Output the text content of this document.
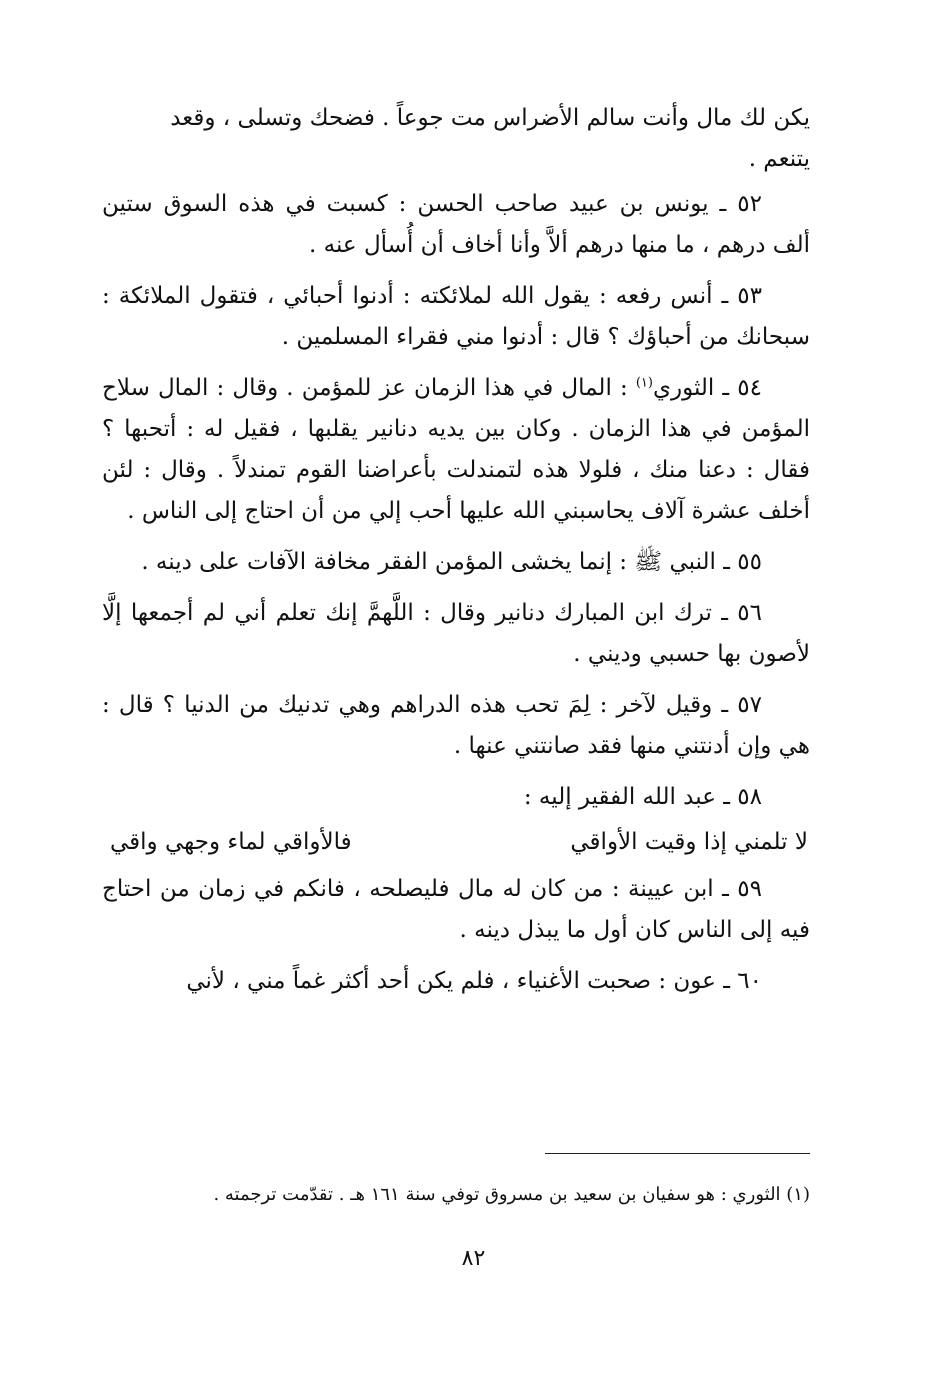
يكن لك مال وأنت سالم الأضراس مت جوعاً . فضحك وتسلى ، وقعد
يتنعم .

٥٢ ـ يونس بن عبيد صاحب الحسن : كسبت في هذه السوق ستين ألف درهم ، ما منها درهم ألاَّ وأنا أخاف أن أُسأل عنه .

٥٣ ـ أنس رفعه : يقول الله لملائكته : أدنوا أحبائي ، فتقول الملائكة : سبحانك من أحباؤك ؟ قال : أدنوا مني فقراء المسلمين .

٥٤ ـ الثوري$^{(١)}$ : المال في هذا الزمان عز للمؤمن . وقال : المال سلاح المؤمن في هذا الزمان . وكان بين يديه دنانير يقلبها ، فقيل له : أتحبها ؟ فقال : دعنا منك ، فلولا هذه لتمندلت بأعراضنا القوم تمندلاً . وقال : لئن أخلف عشرة آلاف يحاسبني الله عليها أحب إلي من أن احتاج إلى الناس .

٥٥ ـ النبي ﷺ : إنما يخشى المؤمن الفقر مخافة الآفات على دينه .

٥٦ ـ ترك ابن المبارك دنانير وقال : اللَّهمَّ إنك تعلم أني لم أجمعها إلَّا لأصون بها حسبي وديني .

٥٧ ـ وقيل لآخر : لِمَ تحب هذه الدراهم وهي تدنيك من الدنيا ؟ قال : هي وإن أدنتني منها فقد صانتني عنها .

٥٨ ـ عبد الله الفقير إليه :

لا تلمني إذا وقيت الأواقي
فالأواقي لماء وجهي واقي

٥٩ ـ ابن عيينة : من كان له مال فليصلحه ، فانكم في زمان من احتاج فيه إلى الناس كان أول ما يبذل دينه .

٦٠ ـ عون : صحبت الأغنياء ، فلم يكن أحد أكثر غماً مني ، لأني

(١) الثوري : هو سفيان بن سعيد بن مسروق توفي سنة ١٦١ هـ . تقدّمت ترجمته .
٨٢
